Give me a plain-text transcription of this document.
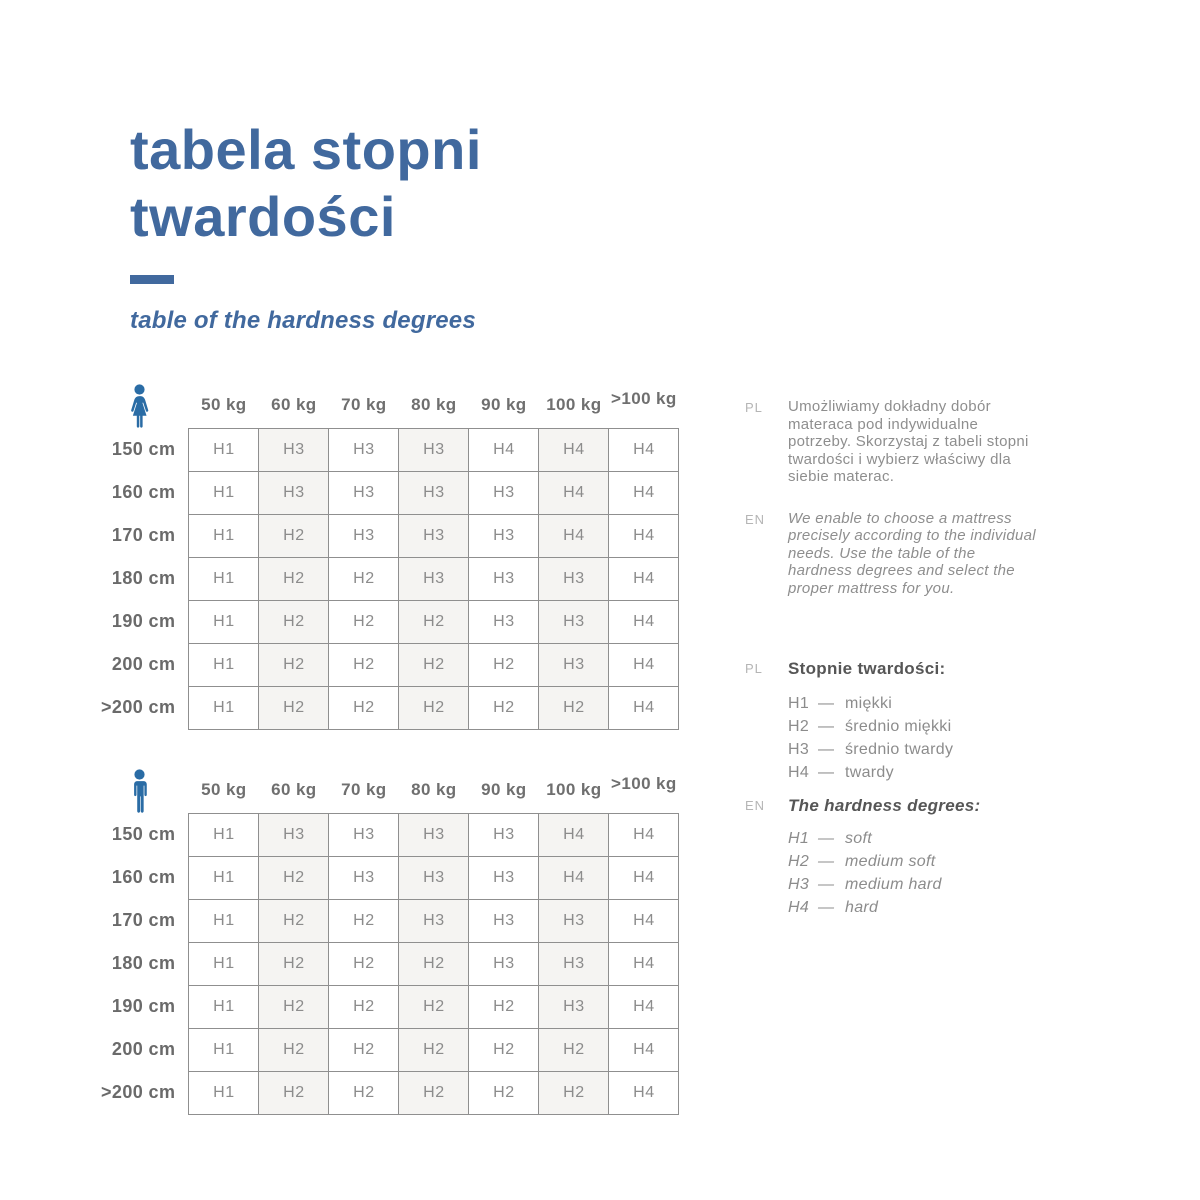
tabela stopni
twardości
table of the hardness degrees
	50 kg	60 kg	70 kg	80 kg	90 kg	100 kg	>100 kg
150 cm	H1	H3	H3	H3	H4	H4	H4
160 cm	H1	H3	H3	H3	H3	H4	H4
170 cm	H1	H2	H3	H3	H3	H4	H4
180 cm	H1	H2	H2	H3	H3	H3	H4
190 cm	H1	H2	H2	H2	H3	H3	H4
200 cm	H1	H2	H2	H2	H2	H3	H4
>200 cm	H1	H2	H2	H2	H2	H2	H4
	50 kg	60 kg	70 kg	80 kg	90 kg	100 kg	>100 kg
150 cm	H1	H3	H3	H3	H3	H4	H4
160 cm	H1	H2	H3	H3	H3	H4	H4
170 cm	H1	H2	H2	H3	H3	H3	H4
180 cm	H1	H2	H2	H2	H3	H3	H4
190 cm	H1	H2	H2	H2	H2	H3	H4
200 cm	H1	H2	H2	H2	H2	H2	H4
>200 cm	H1	H2	H2	H2	H2	H2	H4
PL	Umożliwiamy dokładny dobór materaca pod indywidualne potrzeby. Skorzystaj z tabeli stopni twardości i wybierz właściwy dla siebie materac.

EN	We enable to choose a mattress precisely according to the individual needs. Use the table of the hardness degrees and select the proper mattress for you.

PL	Stopnie twardości:
H1 — miękki
H2 — średnio miękki
H3 — średnio twardy
H4 — twardy
EN	The hardness degrees:
H1 — soft
H2 — medium soft
H3 — medium hard
H4 — hard
